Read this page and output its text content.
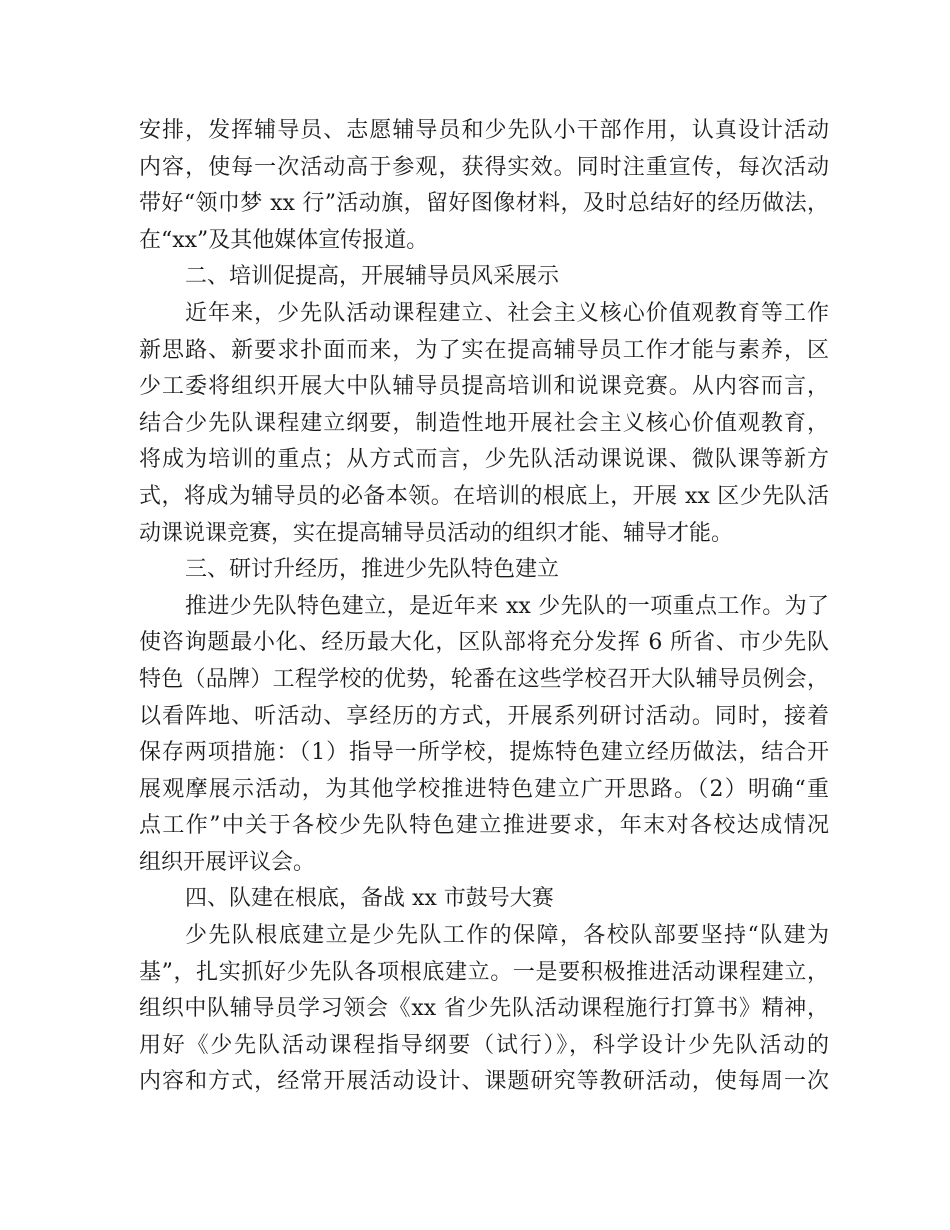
安排，发挥辅导员、志愿辅导员和少先队小干部作用，认真设计活动
内容，使每一次活动高于参观，获得实效。同时注重宣传，每次活动
带好“领巾梦 xx 行”活动旗，留好图像材料，及时总结好的经历做法，
在“xx”及其他媒体宣传报道。
二、培训促提高，开展辅导员风采展示
近年来，少先队活动课程建立、社会主义核心价值观教育等工作
新思路、新要求扑面而来，为了实在提高辅导员工作才能与素养，区
少工委将组织开展大中队辅导员提高培训和说课竞赛。从内容而言，
结合少先队课程建立纲要，制造性地开展社会主义核心价值观教育，
将成为培训的重点；从方式而言，少先队活动课说课、微队课等新方
式，将成为辅导员的必备本领。在培训的根底上，开展 xx 区少先队活
动课说课竞赛，实在提高辅导员活动的组织才能、辅导才能。
三、研讨升经历，推进少先队特色建立
推进少先队特色建立，是近年来 xx 少先队的一项重点工作。为了
使咨询题最小化、经历最大化，区队部将充分发挥 6 所省、市少先队
特色（品牌）工程学校的优势，轮番在这些学校召开大队辅导员例会，
以看阵地、听活动、享经历的方式，开展系列研讨活动。同时，接着
保存两项措施：（1）指导一所学校，提炼特色建立经历做法，结合开
展观摩展示活动，为其他学校推进特色建立广开思路。（2）明确“重
点工作”中关于各校少先队特色建立推进要求，年末对各校达成情况
组织开展评议会。
四、队建在根底，备战 xx 市鼓号大赛
少先队根底建立是少先队工作的保障，各校队部要坚持“队建为
基”，扎实抓好少先队各项根底建立。一是要积极推进活动课程建立，
组织中队辅导员学习领会《xx 省少先队活动课程施行打算书》精神，
用好《少先队活动课程指导纲要（试行）》，科学设计少先队活动的
内容和方式，经常开展活动设计、课题研究等教研活动，使每周一次
